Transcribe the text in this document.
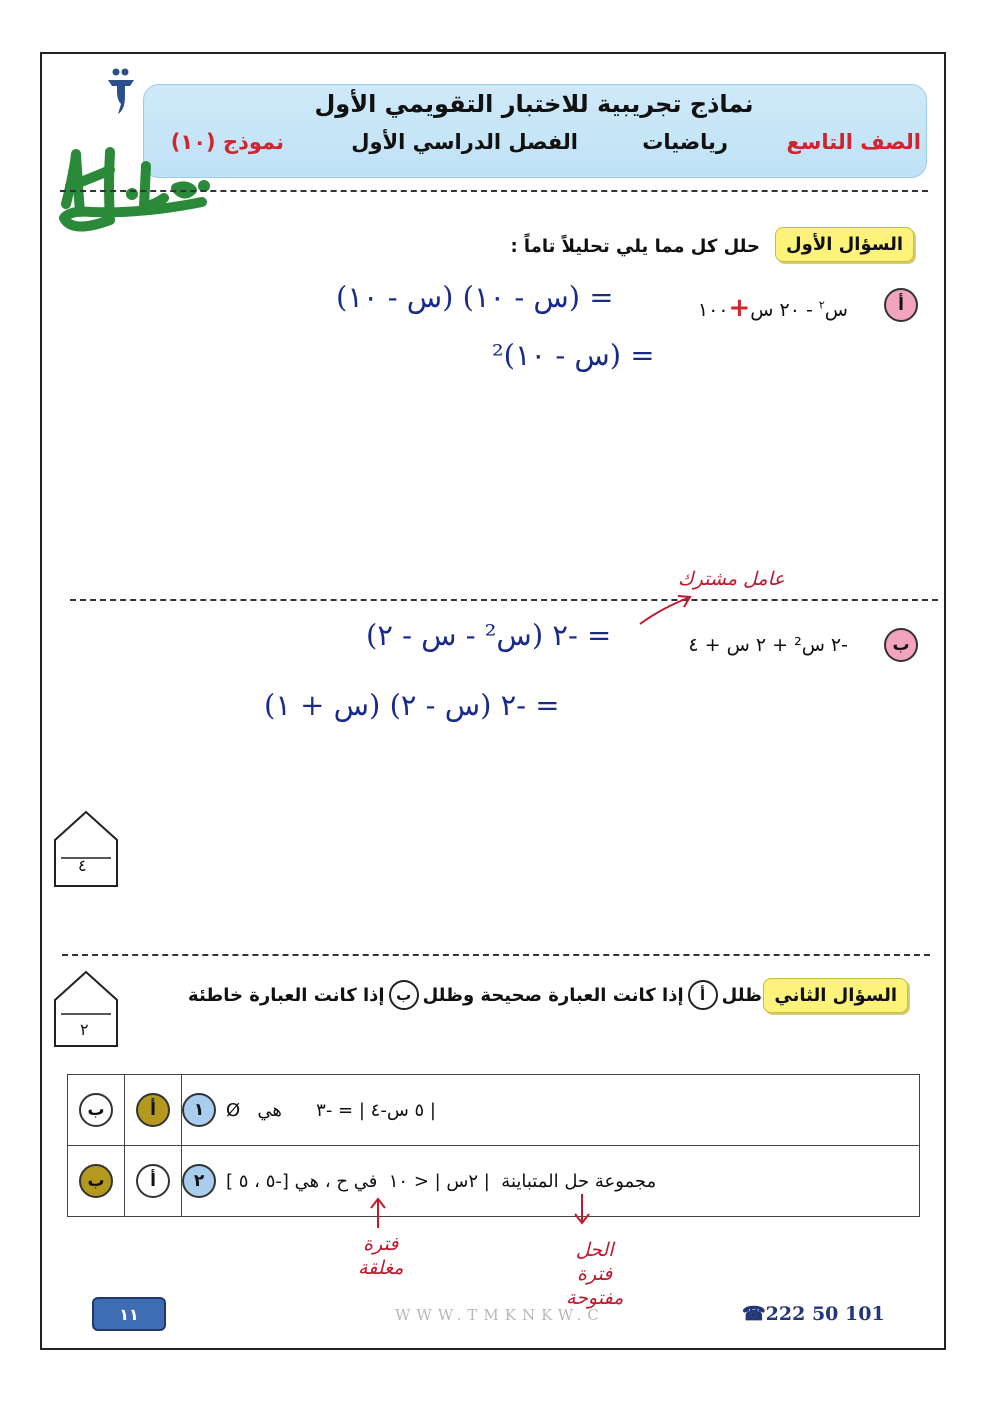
نماذج تجريبية للاختبار التقويمي الأول
الصف التاسع
رياضيات
الفصل الدراسي الأول
نموذج (١٠)
السؤال الأول
حلل كل مما يلي تحليلاً تاماً :
أ
س$^٢$ - ٢٠ س+١٠٠
= (س - ١٠) (س - ١٠)
= (س - ١٠)²
عامل مشترك
ب
-٢ س² + ٢ س + ٤
= -٢ (س² - س - ٢)
= -٢ (س - ٢) (س + ١)
٤
٢
السؤال الثاني
ظلل
أ
إذا كانت العبارة صحيحة وظلل
ب
إذا كانت العبارة خاطئة
ب	أ	١ | ٥ س-٤ | = -٣      هي   Ø

ب	أ	٢ مجموعة حل المتباينة  | ٢س | < ١٠  في ح ، هي [-٥ ، ٥ ]
فترة
مغلقة
الحل
فترة
مفتوحة
١١	WWW.TMKNKW.C	☎222 50 101
